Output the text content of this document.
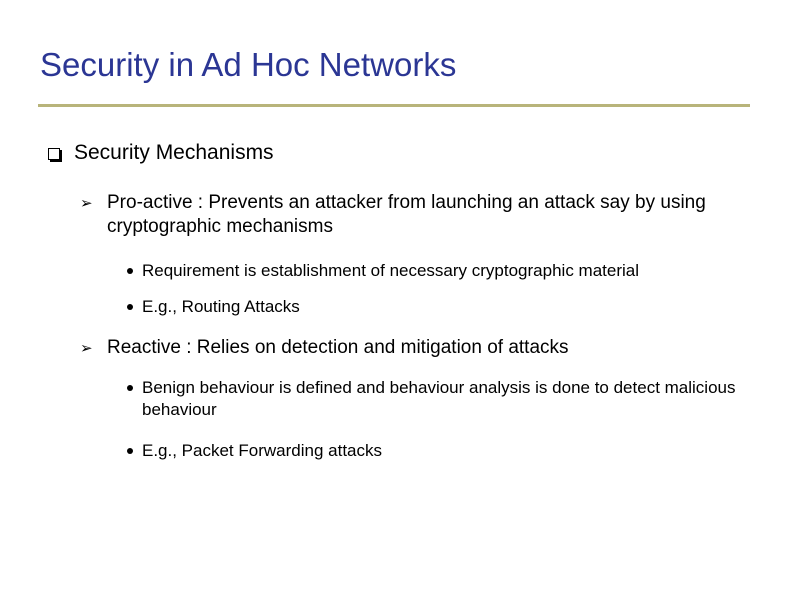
Security in Ad Hoc Networks
Security Mechanisms
➢ Pro-active : Prevents an attacker from launching an attack say by using cryptographic mechanisms
Requirement is establishment of necessary cryptographic material
E.g., Routing Attacks
➢ Reactive : Relies on detection and mitigation of attacks
Benign behaviour is defined and behaviour analysis is done to detect malicious behaviour
E.g., Packet Forwarding attacks
